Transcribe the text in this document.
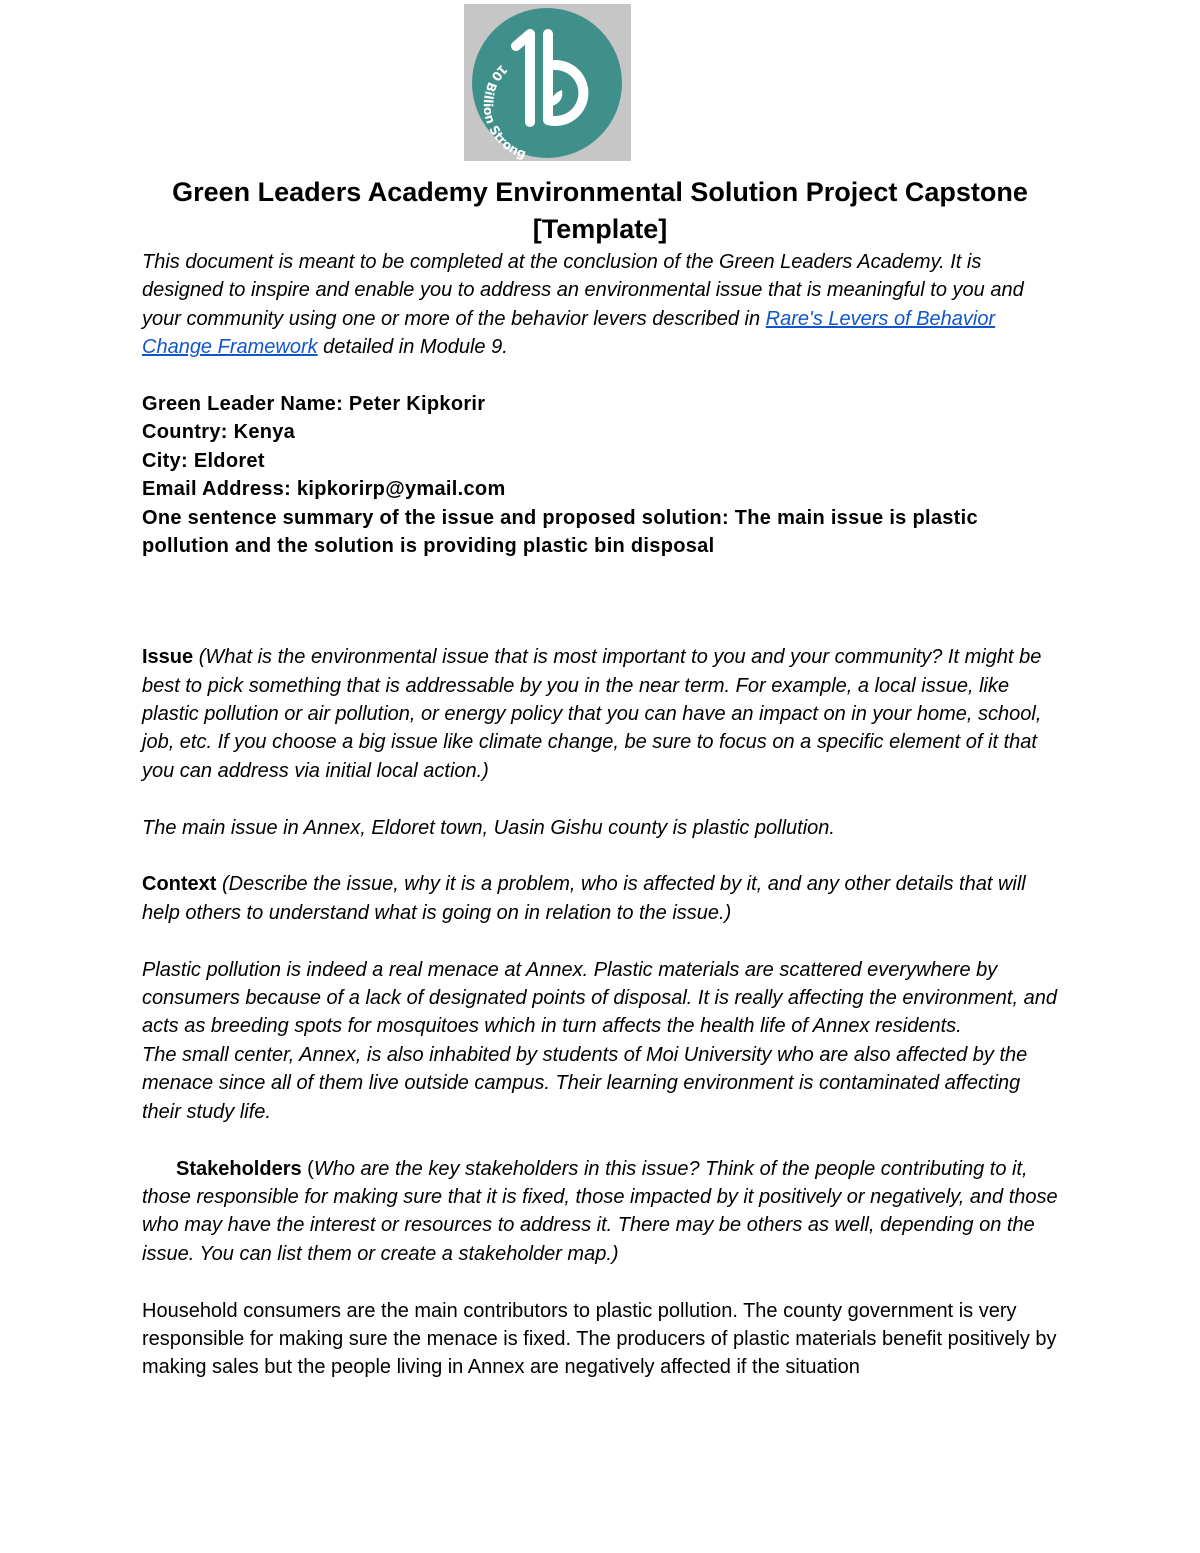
10 Billion Strong
Green Leaders Academy Environmental Solution Project Capstone
[Template]

This document is meant to be completed at the conclusion of the Green Leaders Academy. It is designed to inspire and enable you to address an environmental issue that is meaningful to you and your community using one or more of the behavior levers described in Rare's Levers of Behavior Change Framework detailed in Module 9.

Green Leader Name: Peter Kipkorir

Country: Kenya

City: Eldoret

Email Address: kipkorirp@ymail.com

One sentence summary of the issue and proposed solution: The main issue is plastic pollution and the solution is providing plastic bin disposal

Issue (What is the environmental issue that is most important to you and your community? It might be best to pick something that is addressable by you in the near term. For example, a local issue, like plastic pollution or air pollution, or energy policy that you can have an impact on in your home, school, job, etc. If you choose a big issue like climate change, be sure to focus on a specific element of it that you can address via initial local action.)

The main issue in Annex, Eldoret town, Uasin Gishu county is plastic pollution.

Context (Describe the issue, why it is a problem, who is affected by it, and any other details that will help others to understand what is going on in relation to the issue.)

Plastic pollution is indeed a real menace at Annex. Plastic materials are scattered everywhere by consumers because of a lack of designated points of disposal. It is really affecting the environment, and acts as breeding spots for mosquitoes which in turn affects the health life of Annex residents.

The small center, Annex, is also inhabited by students of Moi University who are also affected by the menace since all of them live outside campus. Their learning environment is contaminated affecting their study life.

Stakeholders (Who are the key stakeholders in this issue? Think of the people contributing to it, those responsible for making sure that it is fixed, those impacted by it positively or negatively, and those who may have the interest or resources to address it. There may be others as well, depending on the issue. You can list them or create a stakeholder map.)

Household consumers are the main contributors to plastic pollution. The county government is very responsible for making sure the menace is fixed. The producers of plastic materials benefit positively by making sales but the people living in Annex are negatively affected if the situation
